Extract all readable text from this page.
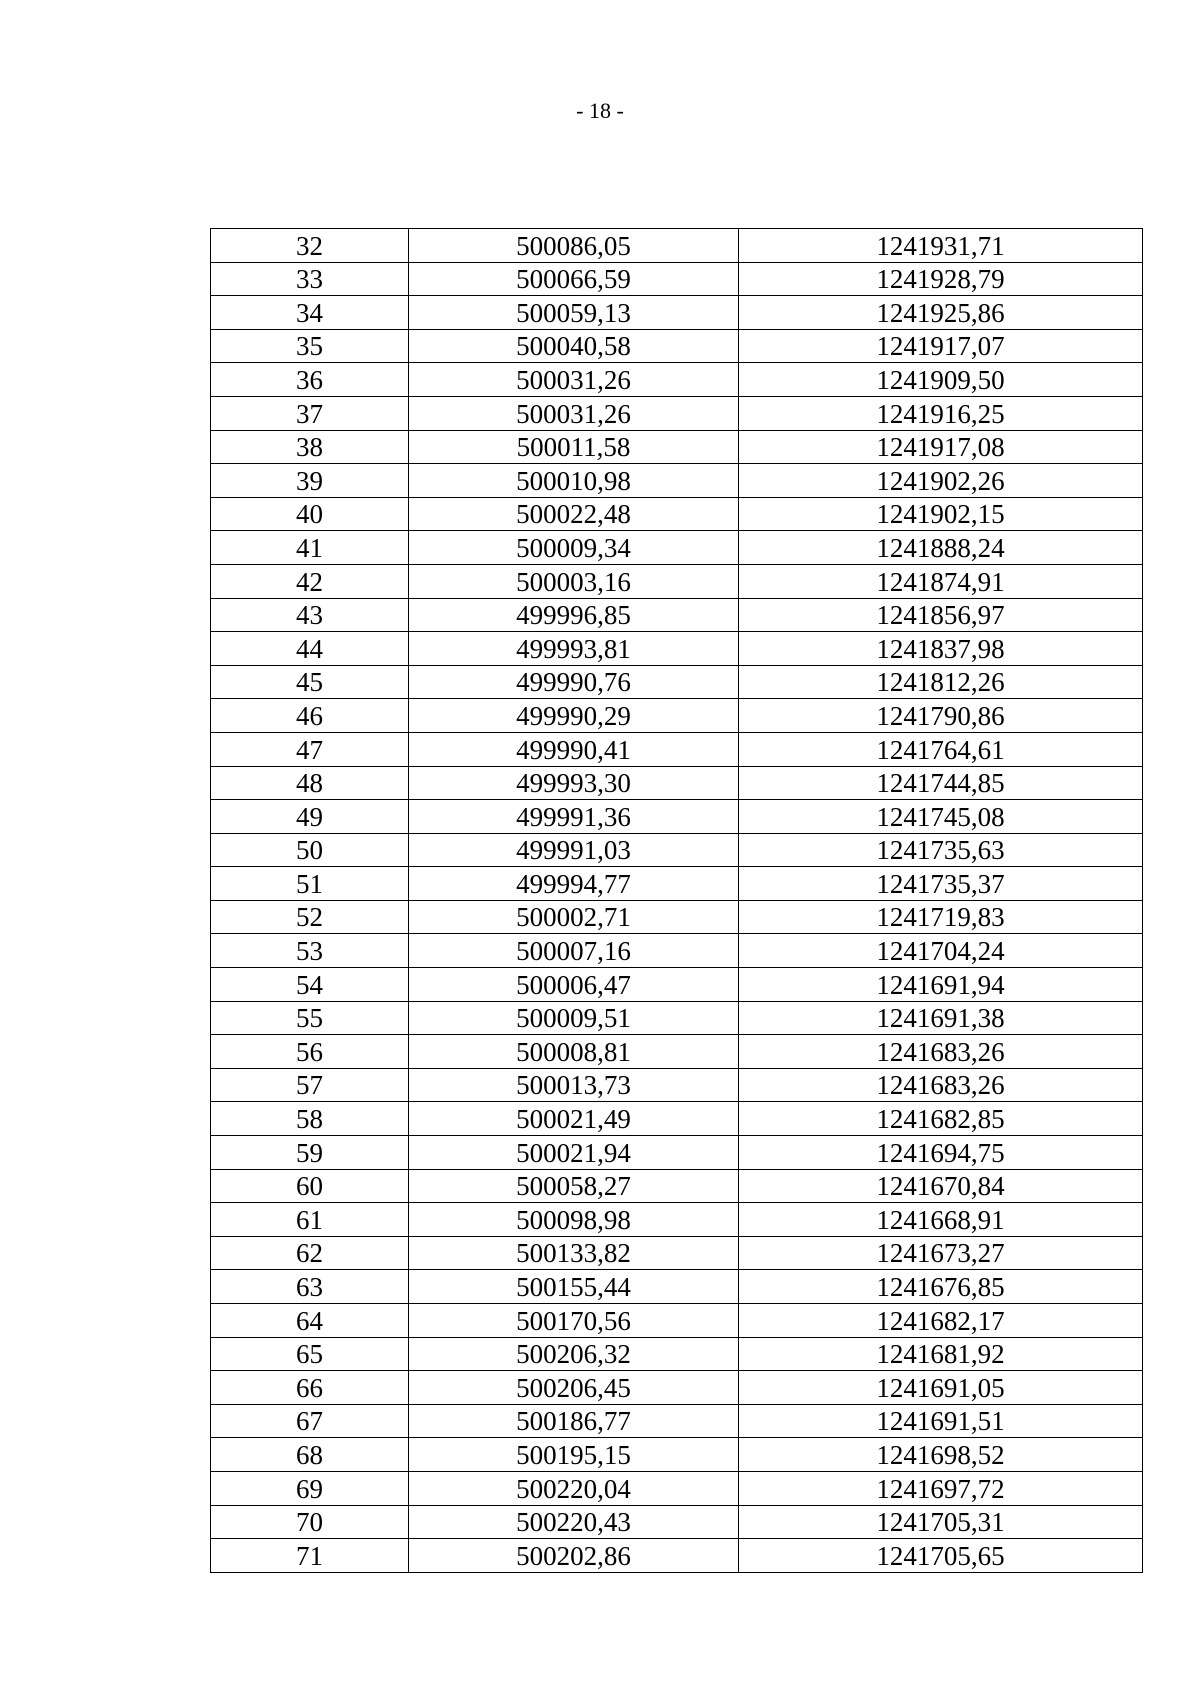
- 18 -
32	500086,05	1241931,71
33	500066,59	1241928,79
34	500059,13	1241925,86
35	500040,58	1241917,07
36	500031,26	1241909,50
37	500031,26	1241916,25
38	500011,58	1241917,08
39	500010,98	1241902,26
40	500022,48	1241902,15
41	500009,34	1241888,24
42	500003,16	1241874,91
43	499996,85	1241856,97
44	499993,81	1241837,98
45	499990,76	1241812,26
46	499990,29	1241790,86
47	499990,41	1241764,61
48	499993,30	1241744,85
49	499991,36	1241745,08
50	499991,03	1241735,63
51	499994,77	1241735,37
52	500002,71	1241719,83
53	500007,16	1241704,24
54	500006,47	1241691,94
55	500009,51	1241691,38
56	500008,81	1241683,26
57	500013,73	1241683,26
58	500021,49	1241682,85
59	500021,94	1241694,75
60	500058,27	1241670,84
61	500098,98	1241668,91
62	500133,82	1241673,27
63	500155,44	1241676,85
64	500170,56	1241682,17
65	500206,32	1241681,92
66	500206,45	1241691,05
67	500186,77	1241691,51
68	500195,15	1241698,52
69	500220,04	1241697,72
70	500220,43	1241705,31
71	500202,86	1241705,65
